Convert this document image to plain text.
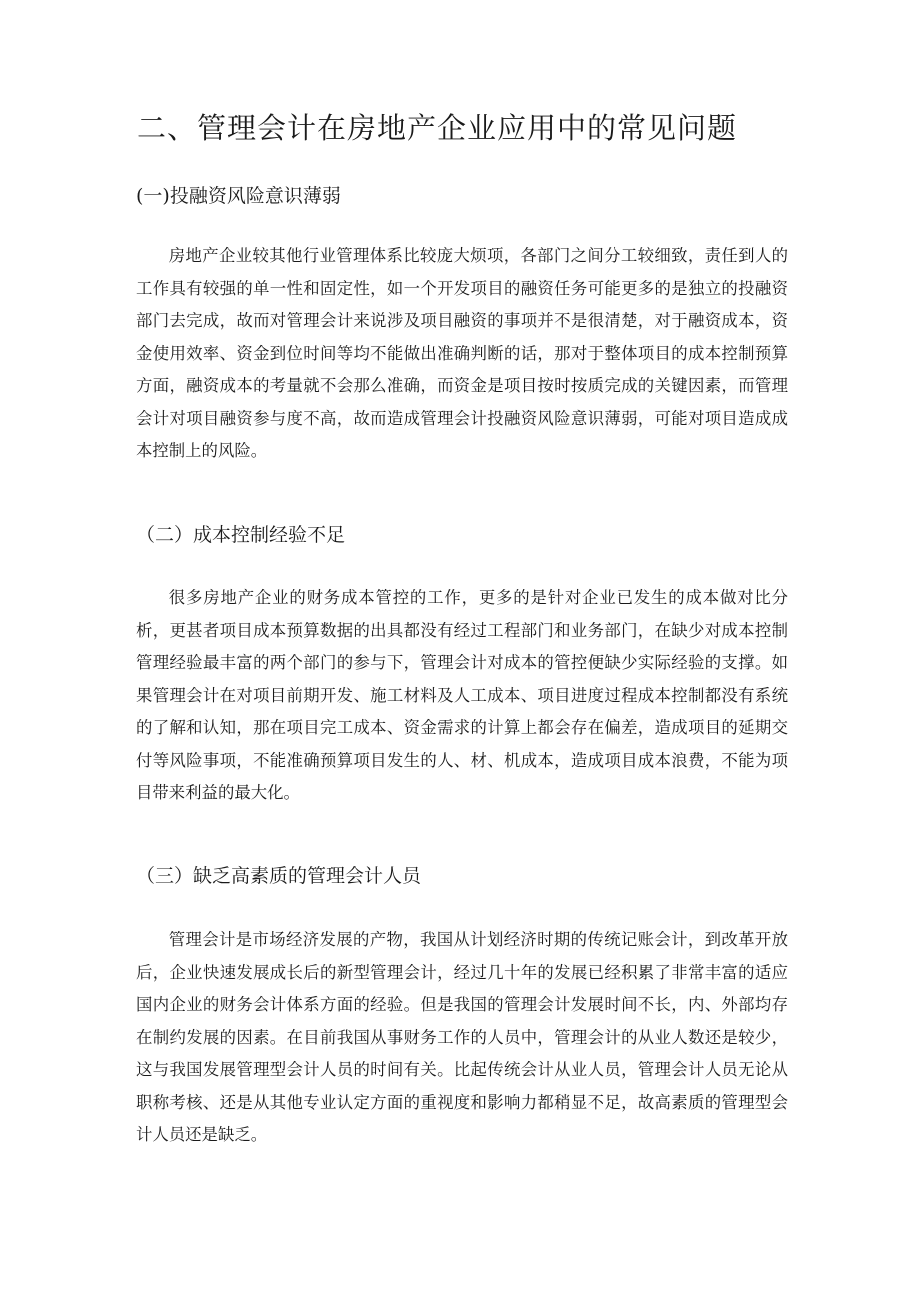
二、管理会计在房地产企业应用中的常见问题
(一)投融资风险意识薄弱

房地产企业较其他行业管理体系比较庞大烦项，各部门之间分工较细致，责任到人的工作具有较强的单一性和固定性，如一个开发项目的融资任务可能更多的是独立的投融资部门去完成，故而对管理会计来说涉及项目融资的事项并不是很清楚，对于融资成本，资金使用效率、资金到位时间等均不能做出准确判断的话，那对于整体项目的成本控制预算方面，融资成本的考量就不会那么准确，而资金是项目按时按质完成的关键因素，而管理会计对项目融资参与度不高，故而造成管理会计投融资风险意识薄弱，可能对项目造成成本控制上的风险。

（二）成本控制经验不足

很多房地产企业的财务成本管控的工作，更多的是针对企业已发生的成本做对比分析，更甚者项目成本预算数据的出具都没有经过工程部门和业务部门，在缺少对成本控制管理经验最丰富的两个部门的参与下，管理会计对成本的管控便缺少实际经验的支撑。如果管理会计在对项目前期开发、施工材料及人工成本、项目进度过程成本控制都没有系统的了解和认知，那在项目完工成本、资金需求的计算上都会存在偏差，造成项目的延期交付等风险事项，不能准确预算项目发生的人、材、机成本，造成项目成本浪费，不能为项目带来利益的最大化。

（三）缺乏高素质的管理会计人员

管理会计是市场经济发展的产物，我国从计划经济时期的传统记账会计，到改革开放后，企业快速发展成长后的新型管理会计，经过几十年的发展已经积累了非常丰富的适应国内企业的财务会计体系方面的经验。但是我国的管理会计发展时间不长，内、外部均存在制约发展的因素。在目前我国从事财务工作的人员中，管理会计的从业人数还是较少，这与我国发展管理型会计人员的时间有关。比起传统会计从业人员，管理会计人员无论从职称考核、还是从其他专业认定方面的重视度和影响力都稍显不足，故高素质的管理型会计人员还是缺乏。
